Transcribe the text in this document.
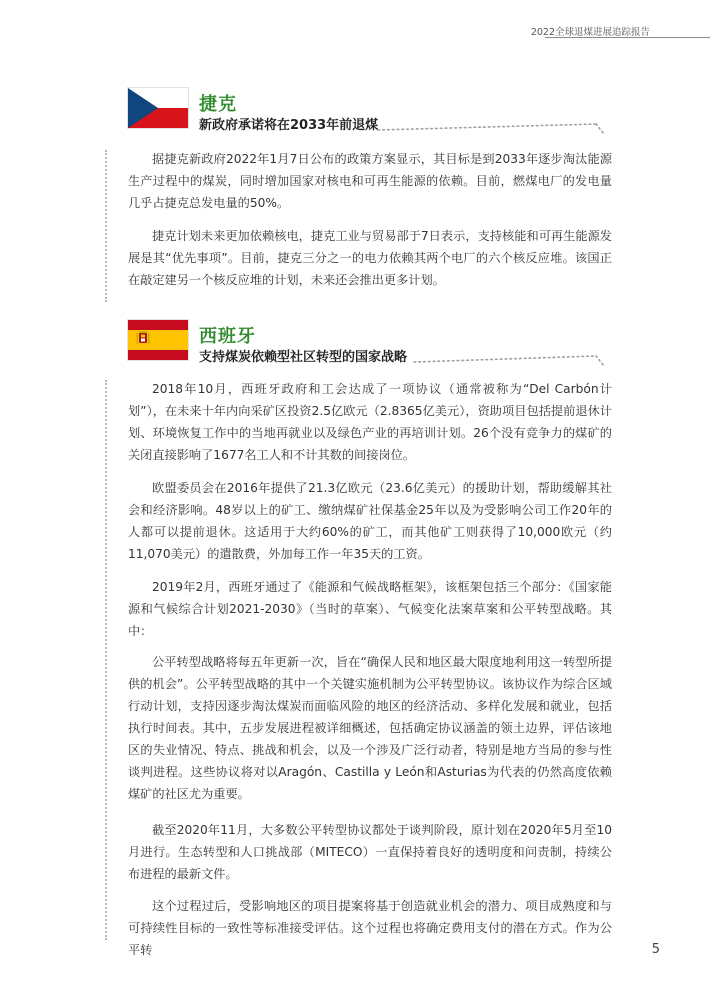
2022全球退煤进展追踪报告
捷克
新政府承诺将在2033年前退煤

据捷克新政府2022年1月7日公布的政策方案显示，其目标是到2033年逐步淘汰能源生产过程中的煤炭，同时增加国家对核电和可再生能源的依赖。目前，燃煤电厂的发电量几乎占捷克总发电量的50%。

捷克计划未来更加依赖核电，捷克工业与贸易部于7日表示，支持核能和可再生能源发展是其“优先事项”。目前，捷克三分之一的电力依赖其两个电厂的六个核反应堆。该国正在敲定建另一个核反应堆的计划，未来还会推出更多计划。

西班牙
支持煤炭依赖型社区转型的国家战略

2018年10月，西班牙政府和工会达成了一项协议（通常被称为“Del Carbón计划”），在未来十年内向采矿区投资2.5亿欧元（2.8365亿美元），资助项目包括提前退休计划、环境恢复工作中的当地再就业以及绿色产业的再培训计划。26个没有竞争力的煤矿的关闭直接影响了1677名工人和不计其数的间接岗位。

欧盟委员会在2016年提供了21.3亿欧元（23.6亿美元）的援助计划，帮助缓解其社会和经济影响。48岁以上的矿工、缴纳煤矿社保基金25年以及为受影响公司工作20年的人都可以提前退休。这适用于大约60%的矿工，而其他矿工则获得了10,000欧元（约11,070美元）的遣散费，外加每工作一年35天的工资。

2019年2月，西班牙通过了《能源和气候战略框架》，该框架包括三个部分：《国家能源和气候综合计划2021-2030》（当时的草案）、气候变化法案草案和公平转型战略。其中：

公平转型战略将每五年更新一次，旨在“确保人民和地区最大限度地利用这一转型所提供的机会”。公平转型战略的其中一个关键实施机制为公平转型协议。该协议作为综合区域行动计划，支持因逐步淘汰煤炭而面临风险的地区的经济活动、多样化发展和就业，包括执行时间表。其中，五步发展进程被详细概述，包括确定协议涵盖的领土边界，评估该地区的失业情况、特点、挑战和机会，以及一个涉及广泛行动者，特别是地方当局的参与性谈判进程。这些协议将对以Aragón、Castilla y León和Asturias为代表的仍然高度依赖煤矿的社区尤为重要。

截至2020年11月，大多数公平转型协议都处于谈判阶段，原计划在2020年5月至10月进行。生态转型和人口挑战部（MITECO）一直保持着良好的透明度和问责制，持续公布进程的最新文件。

这个过程过后，受影响地区的项目提案将基于创造就业机会的潜力、项目成熟度和与可持续性目标的一致性等标准接受评估。这个过程也将确定费用支付的潜在方式。作为公平转	5
